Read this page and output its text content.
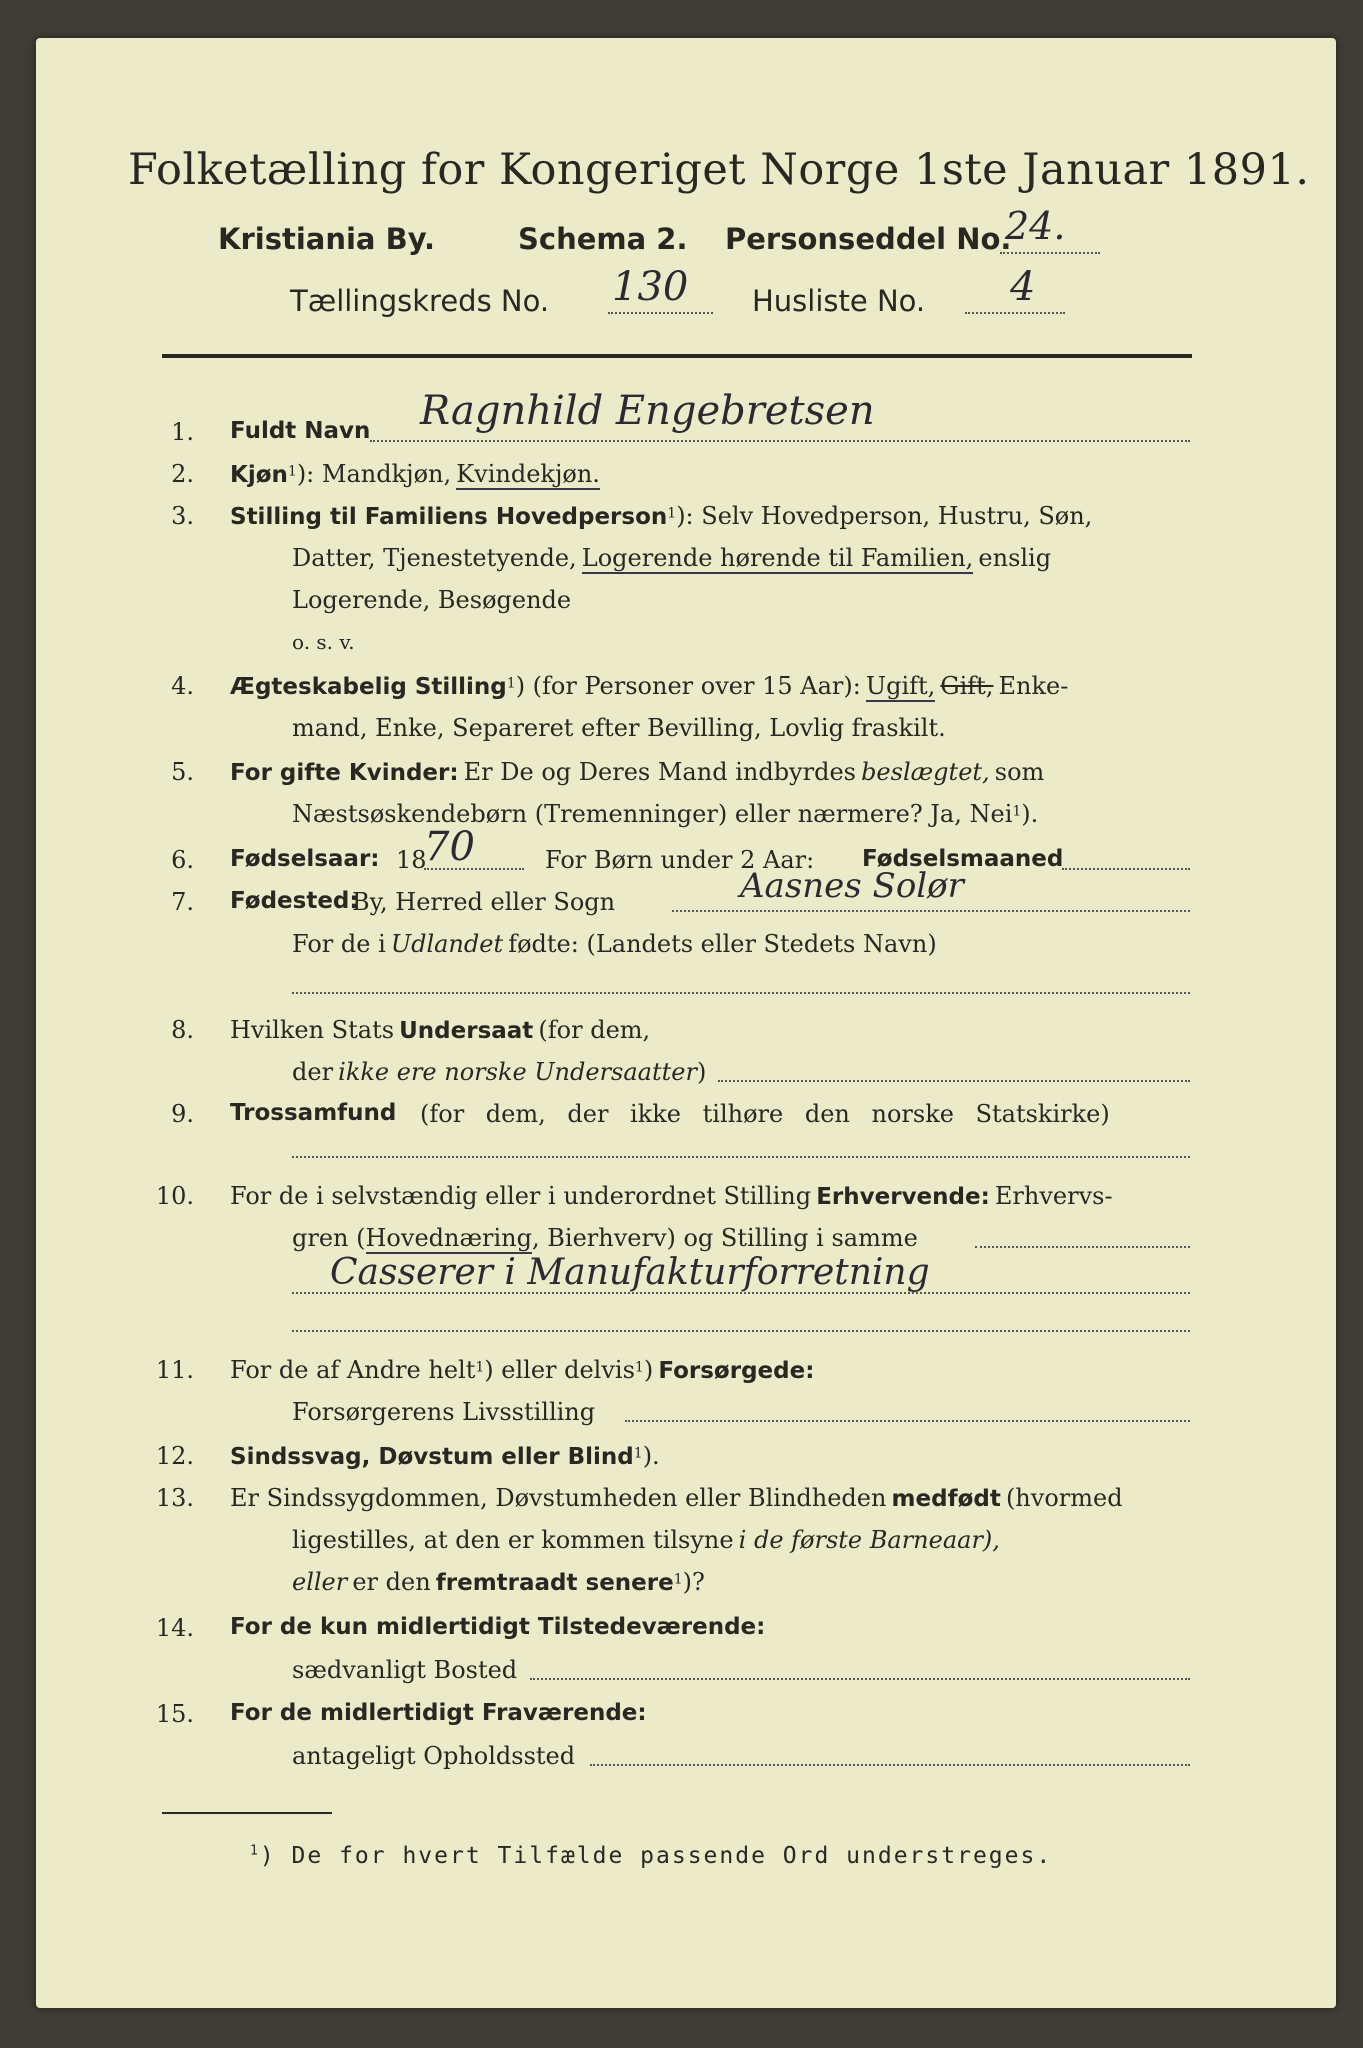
Folketælling for Kongeriget Norge 1ste Januar 1891.
Kristiania By.	Schema 2. Personseddel No.
24.
Tællingskreds No. 130 Husliste No. 4
1. Fuldt Navn Ragnhild Engebretsen
2. Kjøn$^1$): Mandkjøn, Kvindekjøn.
3. Stilling til Familiens Hovedperson$^1$): Selv Hovedperson, Hustru, Søn,
Datter, Tjenestetyende, Logerende hørende til Familien, enslig
Logerende, Besøgende
o. s. v.
4. Ægteskabelig Stilling$^1$) (for Personer over 15 Aar): Ugift, Gift, Enke-
mand, Enke, Separeret efter Bevilling, Lovlig fraskilt.
5. For gifte Kvinder: Er De og Deres Mand indbyrdes beslægtet, som
Næstsøskendebørn (Tremenninger) eller nærmere? Ja, Nei$^1$).
6. Fødselsaar: 18
70	For Børn under 2 Aar: Fødselsmaaned
7. Fødested:
By, Herred eller Sogn	Aasnes Solør
For de i Udlandet fødte: (Landets eller Stedets Navn)
8. Hvilken Stats Undersaat (for dem,
der ikke ere norske Undersaatter)
9. Trossamfund (for dem, der ikke tilhøre den norske Statskirke)
10. For de i selvstændig eller i underordnet Stilling Erhvervende: Erhvervs-
gren (Hovednæring, Bierhverv) og Stilling i samme
Casserer i Manufakturforretning
11. For de af Andre helt$^1$) eller delvis$^1$) Forsørgede:
Forsørgerens Livsstilling
12. Sindssvag, Døvstum eller Blind$^1$).
13. Er Sindssygdommen, Døvstumheden eller Blindheden medfødt (hvormed
ligestilles, at den er kommen tilsyne i de første Barneaar),
eller er den fremtraadt senere$^1$)?
14. For de kun midlertidigt Tilstedeværende:
sædvanligt Bosted
15. For de midlertidigt Fraværende:
antageligt Opholdssted
$^1$) De for hvert Tilfælde passende Ord understreges.
